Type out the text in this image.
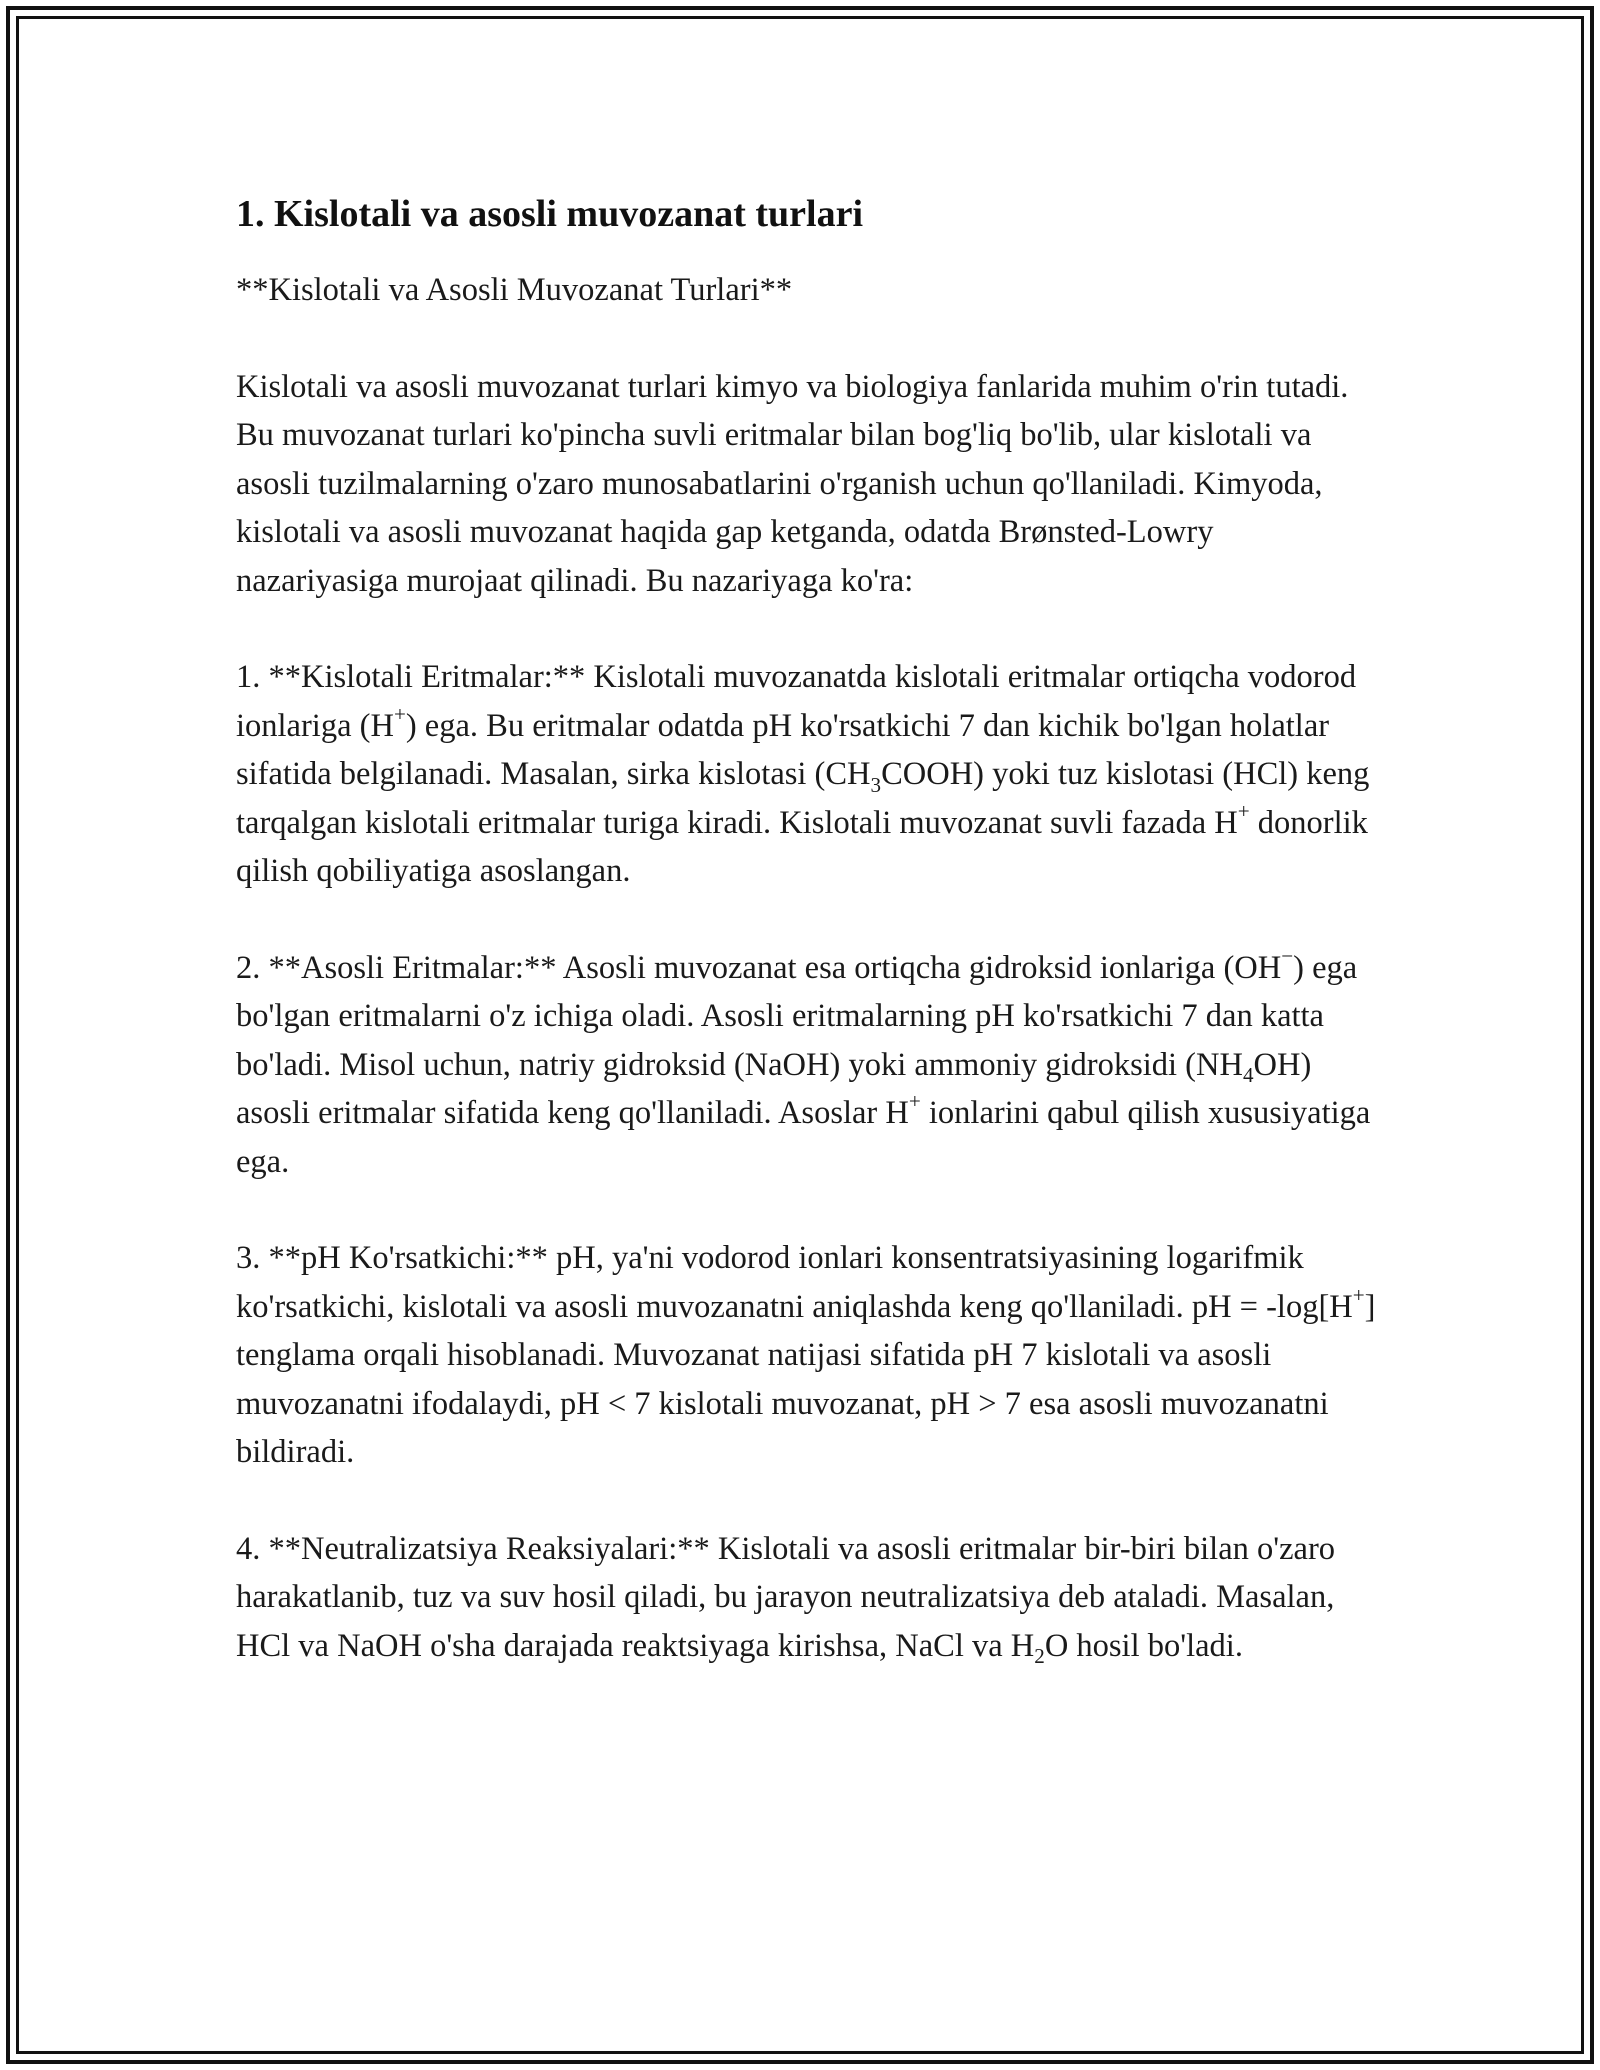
1. Kislotali va asosli muvozanat turlari

**Kislotali va Asosli Muvozanat Turlari**

Kislotali va asosli muvozanat turlari kimyo va biologiya fanlarida muhim o'rin tutadi. Bu muvozanat turlari ko'pincha suvli eritmalar bilan bog'liq bo'lib, ular kislotali va asosli tuzilmalarning o'zaro munosabatlarini o'rganish uchun qo'llaniladi. Kimyoda, kislotali va asosli muvozanat haqida gap ketganda, odatda Brønsted-Lowry nazariyasiga murojaat qilinadi. Bu nazariyaga ko'ra:

1. **Kislotali Eritmalar:** Kislotali muvozanatda kislotali eritmalar ortiqcha vodorod ionlariga (H+) ega. Bu eritmalar odatda pH ko'rsatkichi 7 dan kichik bo'lgan holatlar sifatida belgilanadi. Masalan, sirka kislotasi $(CH_3COOH)$ yoki tuz kislotasi (HCl) keng tarqalgan kislotali eritmalar turiga kiradi. Kislotali muvozanat suvli fazada H+ donorlik qilish qobiliyatiga asoslangan.

2. **Asosli Eritmalar:** Asosli muvozanat esa ortiqcha gidroksid ionlariga (OH−) ega bo'lgan eritmalarni o'z ichiga oladi. Asosli eritmalarning pH ko'rsatkichi 7 dan katta bo'ladi. Misol uchun, natriy gidroksid (NaOH) yoki ammoniy gidroksidi $(NH_4OH)$ asosli eritmalar sifatida keng qo'llaniladi. Asoslar H+ ionlarini qabul qilish xususiyatiga ega.

3. **pH Ko'rsatkichi:** pH, ya'ni vodorod ionlari konsentratsiyasining logarifmik ko'rsatkichi, kislotali va asosli muvozanatni aniqlashda keng qo'llaniladi. pH = -log[H+] tenglama orqali hisoblanadi. Muvozanat natijasi sifatida pH 7 kislotali va asosli muvozanatni ifodalaydi, pH < 7 kislotali muvozanat, pH > 7 esa asosli muvozanatni bildiradi.

4. **Neutralizatsiya Reaksiyalari:** Kislotali va asosli eritmalar bir-biri bilan o'zaro harakatlanib, tuz va suv hosil qiladi, bu jarayon neutralizatsiya deb ataladi. Masalan, HCl va NaOH o'sha darajada reaktsiyaga kirishsa, NaCl va $H_2O$ hosil bo'ladi.
